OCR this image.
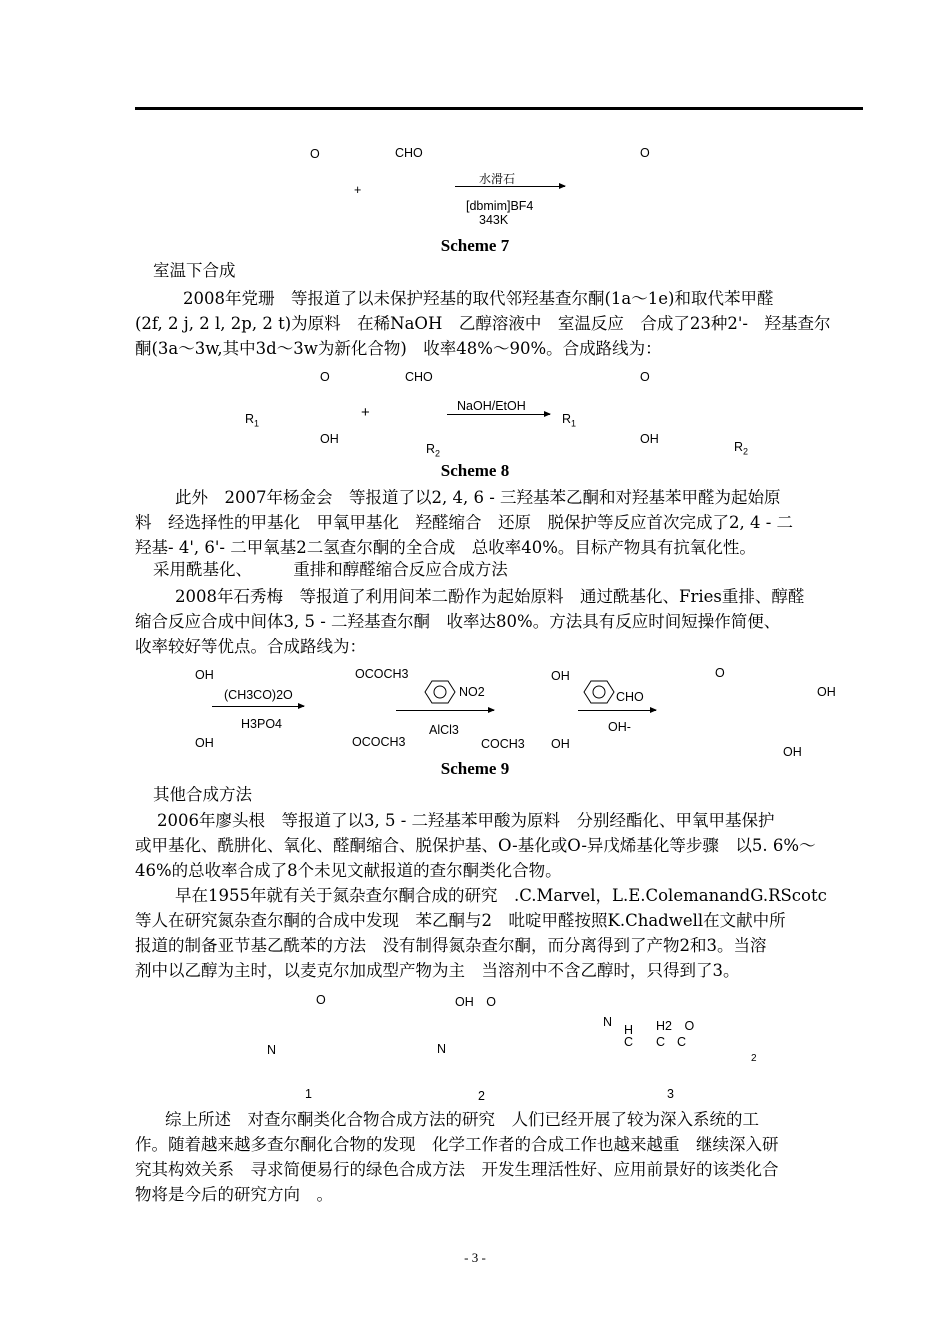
O	CHO
+
水滑石
[dbmim]BF4
343K
O
Scheme 7
室温下合成
2008年党珊　等报道了以未保护羟基的取代邻羟基查尔酮(1a～1e)和取代苯甲醛
(2f, 2 j, 2 l, 2p, 2 t)为原料　在稀NaOH　乙醇溶液中　室温反应　合成了23种2'-　羟基查尔
酮(3a～3w,其中3d～3w为新化合物)　收率48%～90%。合成路线为：
O	CHO	O
$R_1$
+	NaOH/EtOH
$R_1$
OH
$R_2$
OH
$R_2$
Scheme 8
此外　2007年杨金会　等报道了以2, 4, 6 - 三羟基苯乙酮和对羟基苯甲醛为起始原
料　经选择性的甲基化　甲氧甲基化　羟醛缩合　还原　脱保护等反应首次完成了2, 4 - 二
羟基- 4', 6'- 二甲氧基2二氢查尔酮的全合成　总收率40%。目标产物具有抗氧化性。
采用酰基化、　　　重排和醇醛缩合反应合成方法
2008年石秀梅　等报道了利用间苯二酚作为起始原料　通过酰基化、Fries重排、醇醛
缩合反应合成中间体3, 5 - 二羟基查尔酮　收率达80%。方法具有反应时间短操作简便、
收率较好等优点。合成路线为：
OH
(CH3CO)2O
H3PO4
OH
OCOCH3
OCOCH3
NO2
AlCl3
COCH3
OH
OH
CHO
OH-
O
OH
OH
Scheme 9
其他合成方法
2006年廖头根　等报道了以3, 5 - 二羟基苯甲酸为原料　分别经酯化、甲氧甲基保护
或甲基化、酰肼化、氧化、醛酮缩合、脱保护基、O-基化或O-异戊烯基化等步骤　以5. 6%～
46%的总收率合成了8个未见文献报道的查尔酮类化合物。
早在1955年就有关于氮杂查尔酮合成的研究　.C.Marvel，L.E.ColemanandG.RScotc
等人在研究氮杂查尔酮的合成中发现　苯乙酮与2　吡啶甲醛按照K.Chadwell在文献中所
报道的制备亚节基乙酰苯的方法　没有制得氮杂查尔酮，而分离得到了产物2和3。当溶
剂中以乙醇为主时，以麦克尔加成型产物为主　当溶剂中不含乙醇时，只得到了3。
O
N
1
OH　O
N
2
N
H
C
H2　O
C C
2
3
综上所述　对查尔酮类化合物合成方法的研究　人们已经开展了较为深入系统的工
作。随着越来越多查尔酮化合物的发现　化学工作者的合成工作也越来越重　继续深入研
究其构效关系　寻求简便易行的绿色合成方法　开发生理活性好、应用前景好的该类化合
物将是今后的研究方向　。
- 3 -
